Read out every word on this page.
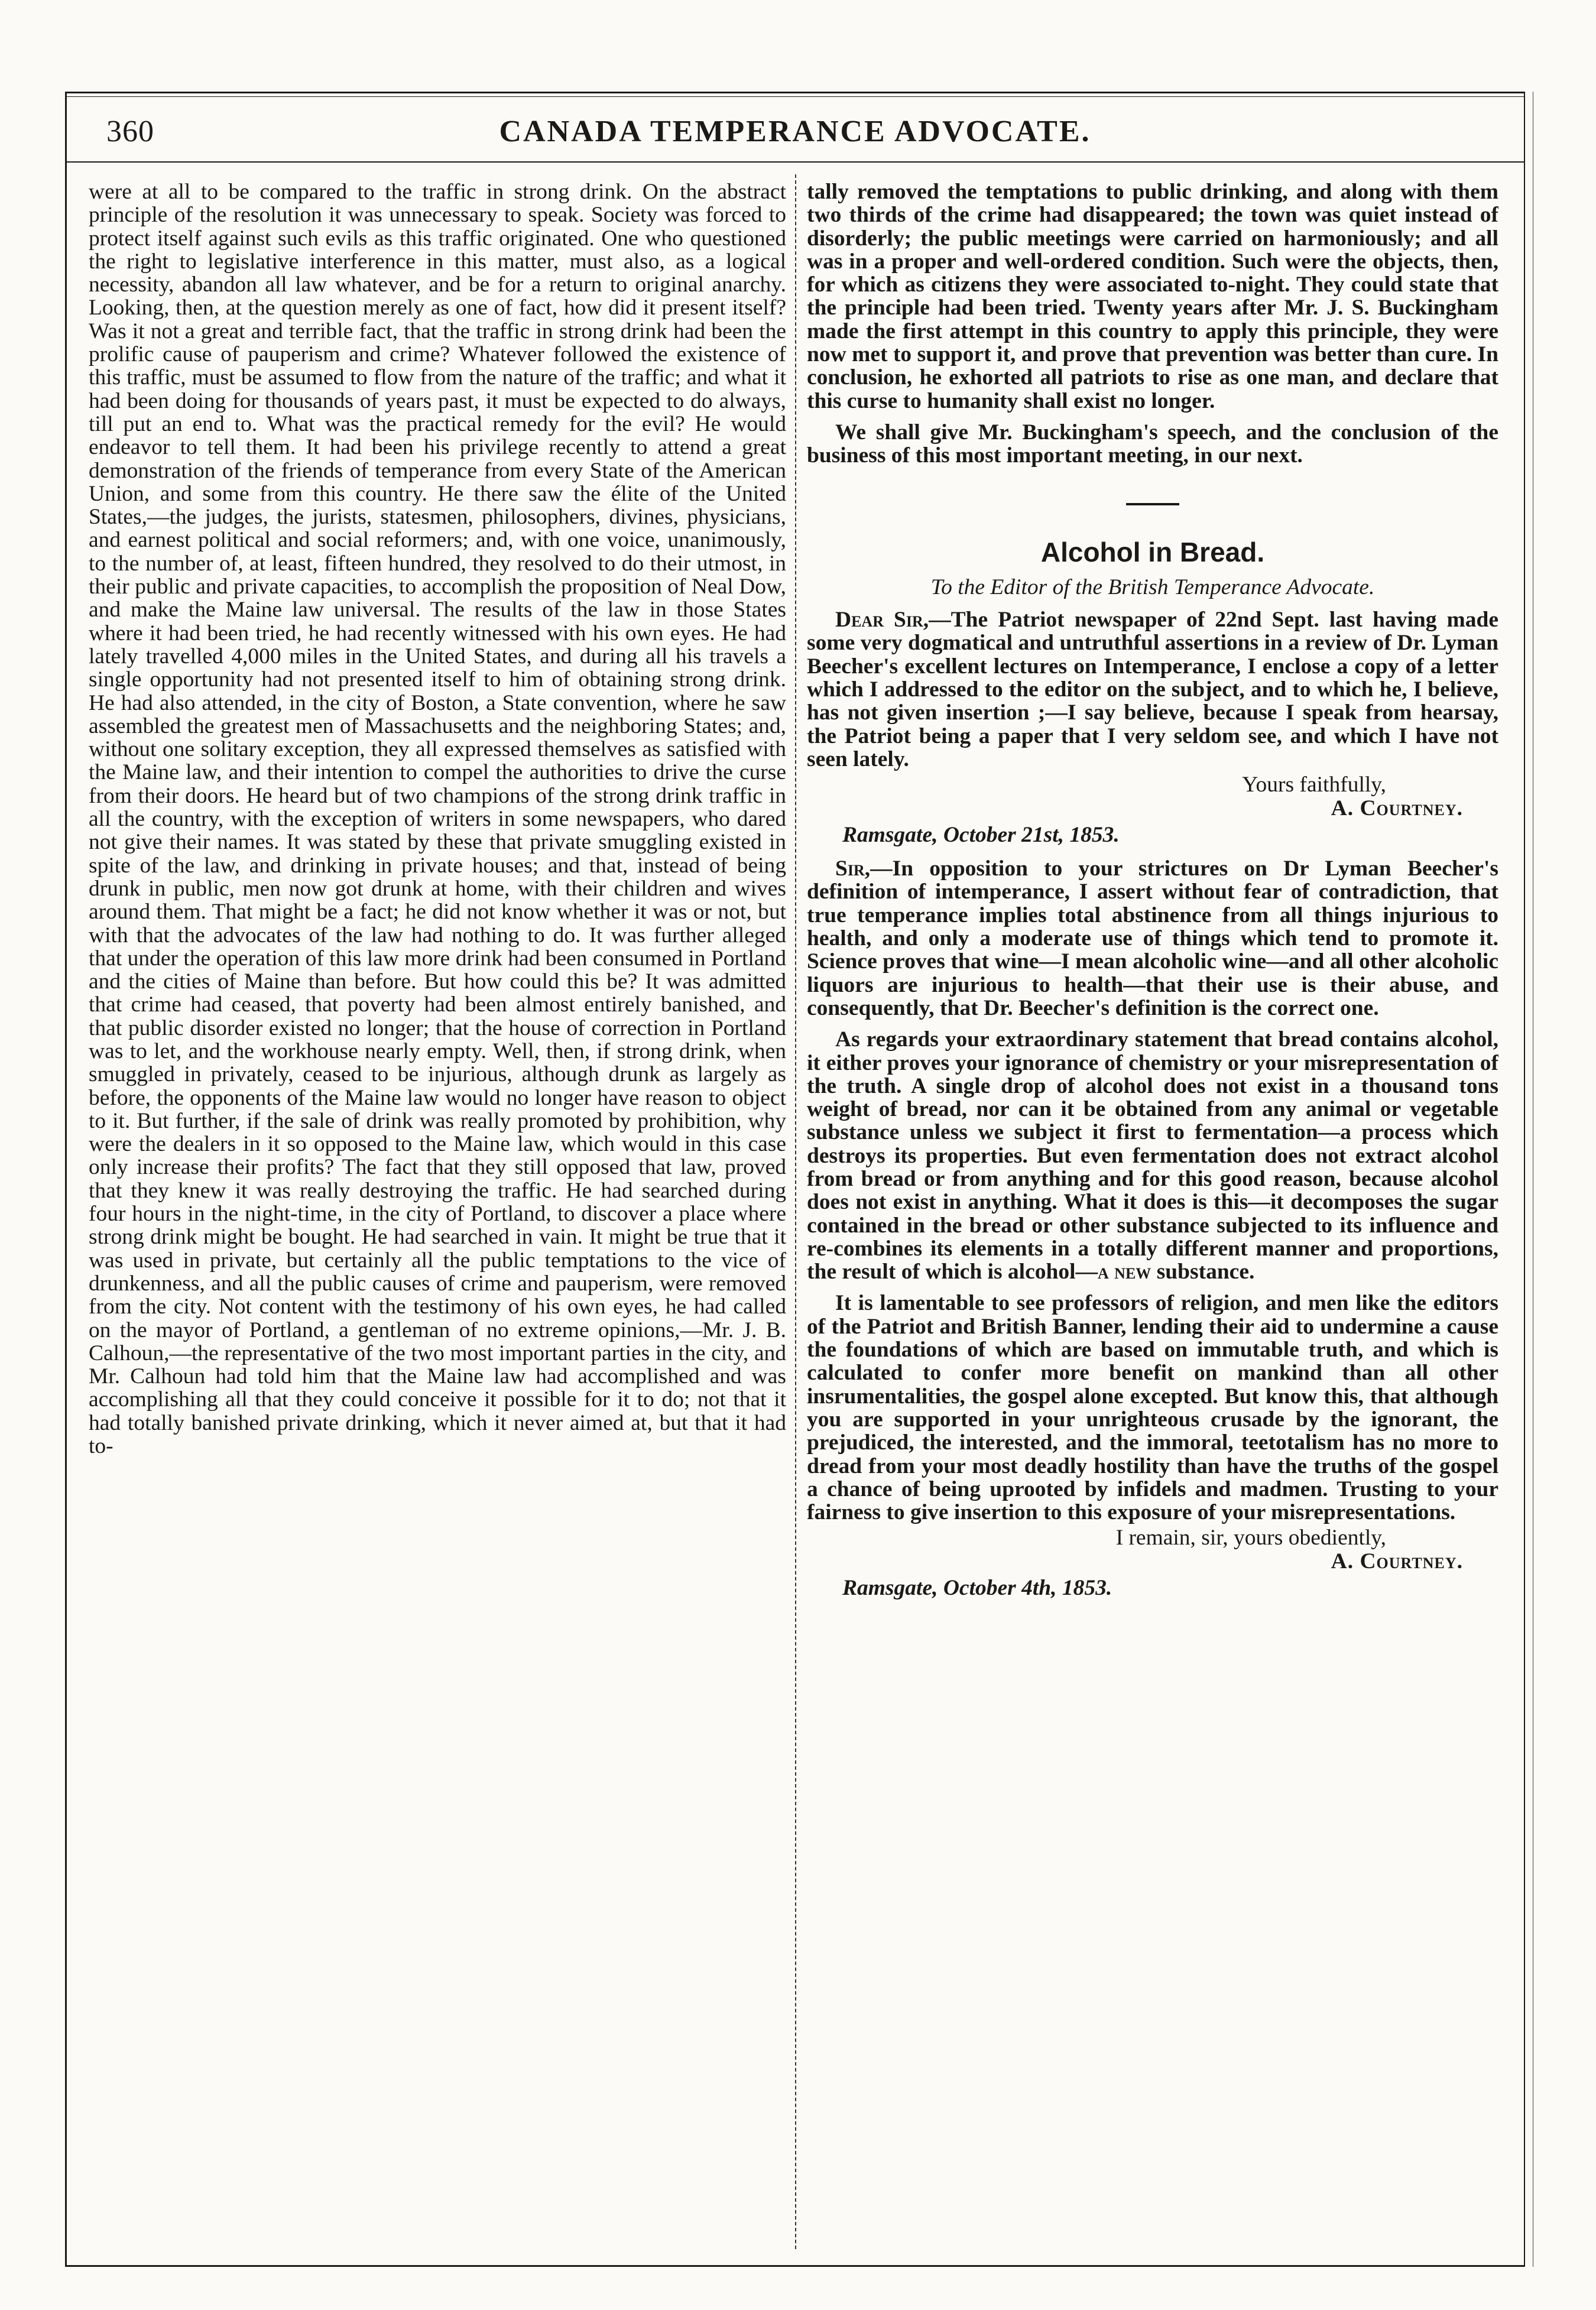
360	CANADA TEMPERANCE ADVOCATE.

were at all to be compared to the traffic in strong drink. On the abstract principle of the resolution it was unnecessary to speak. Society was forced to protect itself against such evils as this traffic originated. One who questioned the right to legislative interference in this matter, must also, as a logical necessity, abandon all law whatever, and be for a return to original anarchy. Looking, then, at the question merely as one of fact, how did it present itself? Was it not a great and terrible fact, that the traffic in strong drink had been the prolific cause of pauperism and crime? Whatever followed the existence of this traffic, must be assumed to flow from the nature of the traffic; and what it had been doing for thousands of years past, it must be expected to do always, till put an end to. What was the practical remedy for the evil? He would endeavor to tell them. It had been his privilege recently to attend a great demonstration of the friends of temperance from every State of the American Union, and some from this country. He there saw the élite of the United States,—the judges, the jurists, statesmen, philosophers, divines, physicians, and earnest political and social reformers; and, with one voice, unanimously, to the number of, at least, fifteen hundred, they resolved to do their utmost, in their public and private capacities, to accomplish the proposition of Neal Dow, and make the Maine law universal. The results of the law in those States where it had been tried, he had recently witnessed with his own eyes. He had lately travelled 4,000 miles in the United States, and during all his travels a single opportunity had not presented itself to him of obtaining strong drink. He had also attended, in the city of Boston, a State convention, where he saw assembled the greatest men of Massachusetts and the neighboring States; and, without one solitary exception, they all expressed themselves as satisfied with the Maine law, and their intention to compel the authorities to drive the curse from their doors. He heard but of two champions of the strong drink traffic in all the country, with the exception of writers in some newspapers, who dared not give their names. It was stated by these that private smuggling existed in spite of the law, and drinking in private houses; and that, instead of being drunk in public, men now got drunk at home, with their children and wives around them. That might be a fact; he did not know whether it was or not, but with that the advocates of the law had nothing to do. It was further alleged that under the operation of this law more drink had been consumed in Portland and the cities of Maine than before. But how could this be? It was admitted that crime had ceased, that poverty had been almost entirely banished, and that public disorder existed no longer; that the house of correction in Portland was to let, and the workhouse nearly empty. Well, then, if strong drink, when smuggled in privately, ceased to be injurious, although drunk as largely as before, the opponents of the Maine law would no longer have reason to object to it. But further, if the sale of drink was really promoted by prohibition, why were the dealers in it so opposed to the Maine law, which would in this case only increase their profits? The fact that they still opposed that law, proved that they knew it was really destroying the traffic. He had searched during four hours in the night-time, in the city of Portland, to discover a place where strong drink might be bought. He had searched in vain. It might be true that it was used in private, but certainly all the public temptations to the vice of drunkenness, and all the public causes of crime and pauperism, were removed from the city. Not content with the testimony of his own eyes, he had called on the mayor of Portland, a gentleman of no extreme opinions,—Mr. J. B. Calhoun,—the representative of the two most important parties in the city, and Mr. Calhoun had told him that the Maine law had accomplished and was accomplishing all that they could conceive it possible for it to do; not that it had totally banished private drinking, which it never aimed at, but that it had to-

tally removed the temptations to public drinking, and along with them two thirds of the crime had disappeared; the town was quiet instead of disorderly; the public meetings were carried on harmoniously; and all was in a proper and well-ordered condition. Such were the objects, then, for which as citizens they were associated to-night. They could state that the principle had been tried. Twenty years after Mr. J. S. Buckingham made the first attempt in this country to apply this principle, they were now met to support it, and prove that prevention was better than cure. In conclusion, he exhorted all patriots to rise as one man, and declare that this curse to humanity shall exist no longer.

We shall give Mr. Buckingham's speech, and the conclusion of the business of this most important meeting, in our next.

Alcohol in Bread.
To the Editor of the British Temperance Advocate.

Dear Sir,—The Patriot newspaper of 22nd Sept. last having made some very dogmatical and untruthful assertions in a review of Dr. Lyman Beecher's excellent lectures on Intemperance, I enclose a copy of a letter which I addressed to the editor on the subject, and to which he, I believe, has not given insertion ;—I say believe, because I speak from hearsay, the Patriot being a paper that I very seldom see, and which I have not seen lately.

Yours faithfully,
A. Courtney.
Ramsgate, October 21st, 1853.

Sir,—In opposition to your strictures on Dr Lyman Beecher's definition of intemperance, I assert without fear of contradiction, that true temperance implies total abstinence from all things injurious to health, and only a moderate use of things which tend to promote it. Science proves that wine—I mean alcoholic wine—and all other alcoholic liquors are injurious to health—that their use is their abuse, and consequently, that Dr. Beecher's definition is the correct one.

As regards your extraordinary statement that bread contains alcohol, it either proves your ignorance of chemistry or your misrepresentation of the truth. A single drop of alcohol does not exist in a thousand tons weight of bread, nor can it be obtained from any animal or vegetable substance unless we subject it first to fermentation—a process which destroys its properties. But even fermentation does not extract alcohol from bread or from anything and for this good reason, because alcohol does not exist in anything. What it does is this—it decomposes the sugar contained in the bread or other substance subjected to its influence and re-combines its elements in a totally different manner and proportions, the result of which is alcohol—a new substance.

It is lamentable to see professors of religion, and men like the editors of the Patriot and British Banner, lending their aid to undermine a cause the foundations of which are based on immutable truth, and which is calculated to confer more benefit on mankind than all other insrumentalities, the gospel alone excepted. But know this, that although you are supported in your unrighteous crusade by the ignorant, the prejudiced, the interested, and the immoral, teetotalism has no more to dread from your most deadly hostility than have the truths of the gospel a chance of being uprooted by infidels and madmen. Trusting to your fairness to give insertion to this exposure of your misrepresentations.

I remain, sir, yours obediently,
A. Courtney.
Ramsgate, October 4th, 1853.
